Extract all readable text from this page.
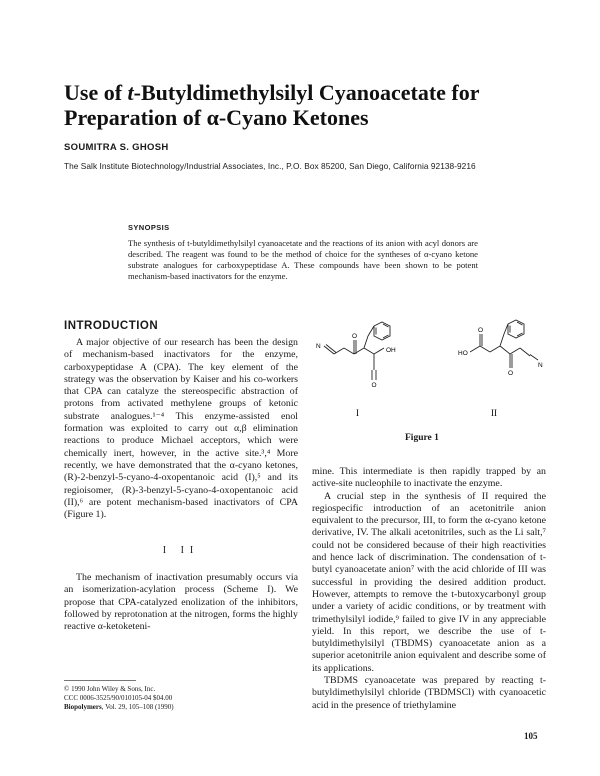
Use of t-Butyldimethylsilyl Cyanoacetate for
Preparation of α-Cyano Ketones
SOUMITRA S. GHOSH
The Salk Institute Biotechnology/Industrial Associates, Inc., P.O. Box 85200, San Diego, California 92138-9216
SYNOPSIS
The synthesis of t-butyldimethylsilyl cyanoacetate and the reactions of its anion with acyl donors are described. The reagent was found to be the method of choice for the syntheses of α-cyano ketone substrate analogues for carboxypeptidase A. These compounds have been shown to be potent mechanism-based inactivators for the enzyme.
INTRODUCTION

A major objective of our research has been the design of mechanism-based inactivators for the enzyme, carboxypeptidase A (CPA). The key element of the strategy was the observation by Kaiser and his co-workers that CPA can catalyze the stereospecific abstraction of protons from activated methylene groups of ketonic substrate analogues.¹⁻⁴ This enzyme-assisted enol formation was exploited to carry out α,β elimination reactions to produce Michael acceptors, which were chemically inert, however, in the active site.³,⁴ More recently, we have demonstrated that the α-cyano ketones, (R)-2-benzyl-5-cyano-4-oxopentanoic acid (I),⁵ and its regioisomer, (R)-3-benzyl-5-cyano-4-oxopentanoic acid (II),⁶ are potent mechanism-based inactivators of CPA (Figure 1).

I II

The mechanism of inactivation presumably occurs via an isomerization-acylation process (Scheme I). We propose that CPA-catalyzed enolization of the inhibitors, followed by reprotonation at the nitrogen, forms the highly reactive α-ketoketeni-

N
O
OH
O
O
HO
O
N
I	II
Figure 1

mine. This intermediate is then rapidly trapped by an active-site nucleophile to inactivate the enzyme.

A crucial step in the synthesis of II required the regiospecific introduction of an acetonitrile anion equivalent to the precursor, III, to form the α-cyano ketone derivative, IV. The alkali acetonitriles, such as the Li salt,⁷ could not be considered because of their high reactivities and hence lack of discrimination. The condensation of t-butyl cyanoacetate anion⁷ with the acid chloride of III was successful in providing the desired addition product. However, attempts to remove the t-butoxycarbonyl group under a variety of acidic conditions, or by treatment with trimethylsilyl iodide,⁹ failed to give IV in any appreciable yield. In this report, we describe the use of t-butyldimethylsilyl (TBDMS) cyanoacetate anion as a superior acetonitrile anion equivalent and describe some of its applications.

TBDMS cyanoacetate was prepared by reacting t-butyldimethylsilyl chloride (TBDMSCl) with cyanoacetic acid in the presence of triethylamine

© 1990 John Wiley & Sons, Inc.
CCC 0006-3525/90/010105-04 $04.00
Biopolymers, Vol. 29, 105–108 (1990)
105
